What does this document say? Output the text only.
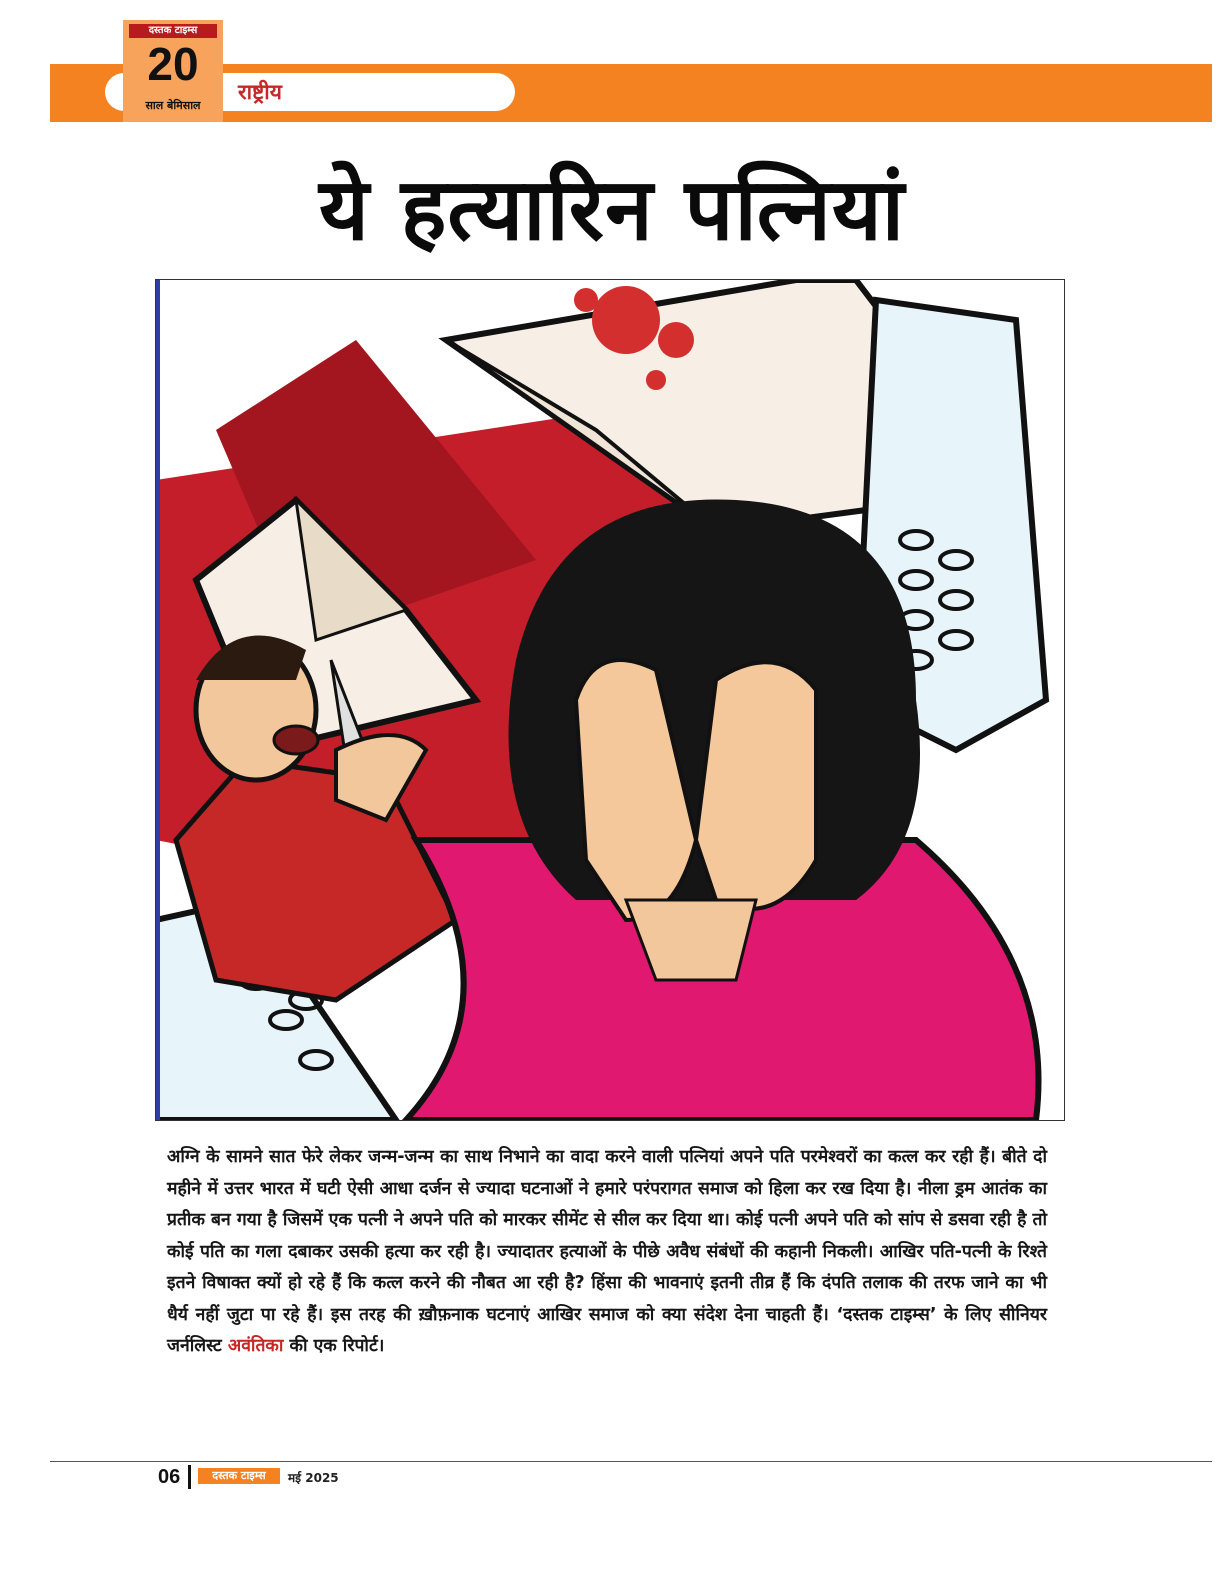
राष्ट्रीय
दस्तक टाइम्स
20
साल बेमिसाल
ये हत्यारिन पत्नियां
अग्नि के सामने सात फेरे लेकर जन्म-जन्म का साथ निभाने का वादा करने वाली पत्नियां अपने पति परमेश्वरों का कत्ल कर रही हैं। बीते दो महीने में उत्तर भारत में घटी ऐसी आधा दर्जन से ज्यादा घटनाओं ने हमारे परंपरागत समाज को हिला कर रख दिया है। नीला ड्रम आतंक का प्रतीक बन गया है जिसमें एक पत्नी ने अपने पति को मारकर सीमेंट से सील कर दिया था। कोई पत्नी अपने पति को सांप से डसवा रही है तो कोई पति का गला दबाकर उसकी हत्या कर रही है। ज्यादातर हत्याओं के पीछे अवैध संबंधों की कहानी निकली। आखिर पति-पत्नी के रिश्ते इतने विषाक्त क्यों हो रहे हैं कि कत्ल करने की नौबत आ रही है? हिंसा की भावनाएं इतनी तीव्र हैं कि दंपति तलाक की तरफ जाने का भी धैर्य नहीं जुटा पा रहे हैं। इस तरह की ख़ौफ़नाक घटनाएं आखिर समाज को क्या संदेश देना चाहती हैं। ‘दस्तक टाइम्स’ के लिए सीनियर जर्नलिस्ट अवंतिका की एक रिपोर्ट।
06	दस्तक टाइम्स	मई 2025
